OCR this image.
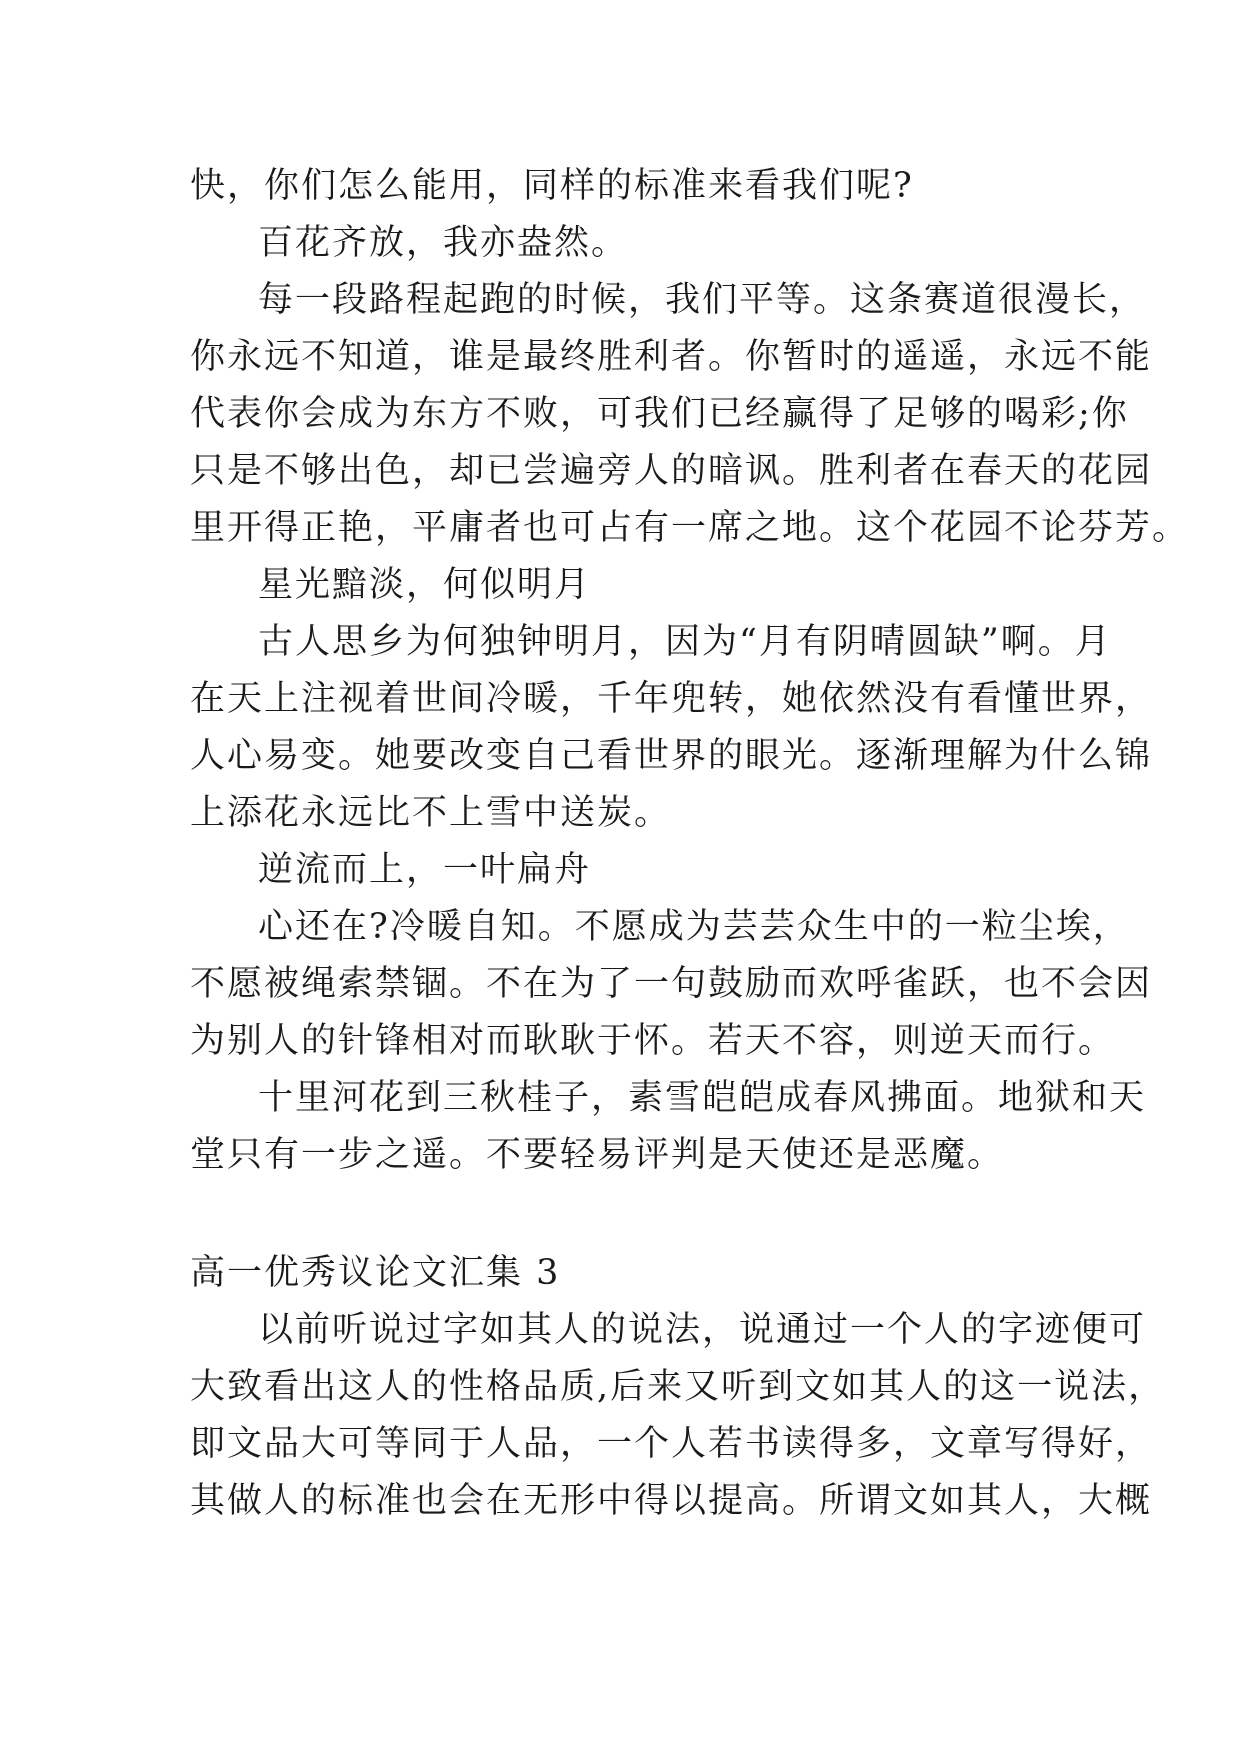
快，你们怎么能用，同样的标准来看我们呢?
百花齐放，我亦盎然。
每一段路程起跑的时候，我们平等。这条赛道很漫长，
你永远不知道，谁是最终胜利者。你暂时的遥遥，永远不能
代表你会成为东方不败，可我们已经赢得了足够的喝彩;你
只是不够出色，却已尝遍旁人的暗讽。胜利者在春天的花园
里开得正艳，平庸者也可占有一席之地。这个花园不论芬芳。
星光黯淡，何似明月
古人思乡为何独钟明月，因为“月有阴晴圆缺”啊。月
在天上注视着世间冷暖，千年兜转，她依然没有看懂世界，
人心易变。她要改变自己看世界的眼光。逐渐理解为什么锦
上添花永远比不上雪中送炭。
逆流而上，一叶扁舟
心还在?冷暖自知。不愿成为芸芸众生中的一粒尘埃，
不愿被绳索禁锢。不在为了一句鼓励而欢呼雀跃，也不会因
为别人的针锋相对而耿耿于怀。若天不容，则逆天而行。
十里河花到三秋桂子，素雪皑皑成春风拂面。地狱和天
堂只有一步之遥。不要轻易评判是天使还是恶魔。
高一优秀议论文汇集 3
以前听说过字如其人的说法，说通过一个人的字迹便可
大致看出这人的性格品质,后来又听到文如其人的这一说法，
即文品大可等同于人品，一个人若书读得多，文章写得好，
其做人的标准也会在无形中得以提高。所谓文如其人，大概
